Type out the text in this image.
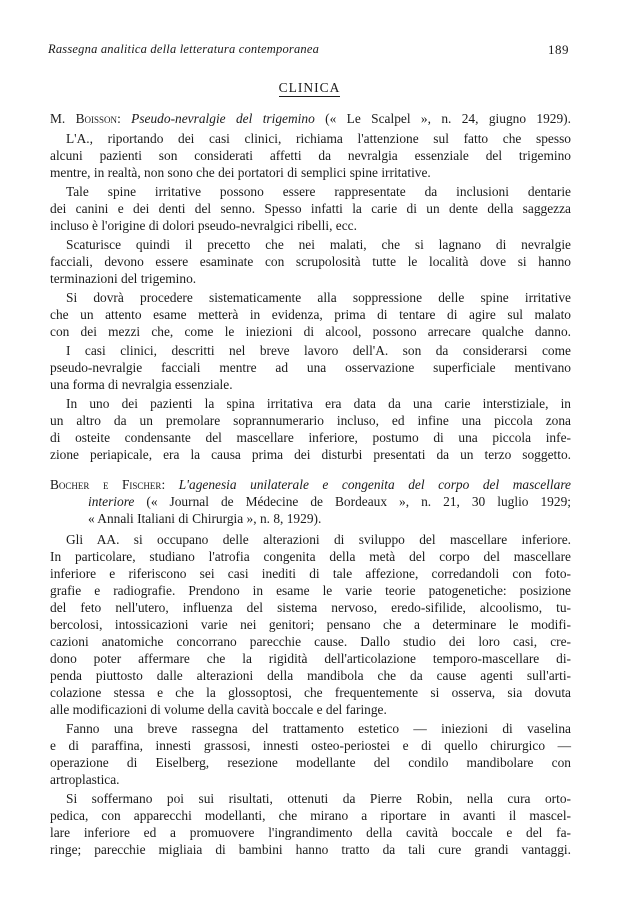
Rassegna analitica della letteratura contemporanea	189
CLINICA
M. Boisson: Pseudo-nevralgie del trigemino (« Le Scalpel », n. 24, giugno 1929).
L'A., riportando dei casi clinici, richiama l'attenzione sul fatto che spesso
alcuni pazienti son considerati affetti da nevralgia essenziale del trigemino
mentre, in realtà, non sono che dei portatori di semplici spine irritative.
Tale spine irritative possono essere rappresentate da inclusioni dentarie
dei canini e dei denti del senno. Spesso infatti la carie di un dente della saggezza
incluso è l'origine di dolori pseudo-nevralgici ribelli, ecc.
Scaturisce quindi il precetto che nei malati, che si lagnano di nevralgie
facciali, devono essere esaminate con scrupolosità tutte le località dove si hanno
terminazioni del trigemino.
Si dovrà procedere sistematicamente alla soppressione delle spine irritative
che un attento esame metterà in evidenza, prima di tentare di agire sul malato
con dei mezzi che, come le iniezioni di alcool, possono arrecare qualche danno.
I casi clinici, descritti nel breve lavoro dell'A. son da considerarsi come
pseudo-nevralgie facciali mentre ad una osservazione superficiale mentivano
una forma di nevralgia essenziale.
In uno dei pazienti la spina irritativa era data da una carie interstiziale, in
un altro da un premolare soprannumerario incluso, ed infine una piccola zona
di osteite condensante del mascellare inferiore, postumo di una piccola infe-
zione periapicale, era la causa prima dei disturbi presentati da un terzo soggetto.
Bocher e Fischer: L'agenesia unilaterale e congenita del corpo del mascellare
interiore (« Journal de Médecine de Bordeaux », n. 21, 30 luglio 1929;
« Annali Italiani di Chirurgia », n. 8, 1929).
Gli AA. si occupano delle alterazioni di sviluppo del mascellare inferiore.
In particolare, studiano l'atrofia congenita della metà del corpo del mascellare
inferiore e riferiscono sei casi inediti di tale affezione, corredandoli con foto-
grafie e radiografie. Prendono in esame le varie teorie patogenetiche: posizione
del feto nell'utero, influenza del sistema nervoso, eredo-sifilide, alcoolismo, tu-
bercolosi, intossicazioni varie nei genitori; pensano che a determinare le modifi-
cazioni anatomiche concorrano parecchie cause. Dallo studio dei loro casi, cre-
dono poter affermare che la rigidità dell'articolazione temporo-mascellare di-
penda piuttosto dalle alterazioni della mandibola che da cause agenti sull'arti-
colazione stessa e che la glossoptosi, che frequentemente si osserva, sia dovuta
alle modificazioni di volume della cavità boccale e del faringe.
Fanno una breve rassegna del trattamento estetico — iniezioni di vaselina
e di paraffina, innesti grassosi, innesti osteo-periostei e di quello chirurgico —
operazione di Eiselberg, resezione modellante del condilo mandibolare con
artroplastica.
Si soffermano poi sui risultati, ottenuti da Pierre Robin, nella cura orto-
pedica, con apparecchi modellanti, che mirano a riportare in avanti il mascel-
lare inferiore ed a promuovere l'ingrandimento della cavità boccale e del fa-
ringe; parecchie migliaia di bambini hanno tratto da tali cure grandi vantaggi.
